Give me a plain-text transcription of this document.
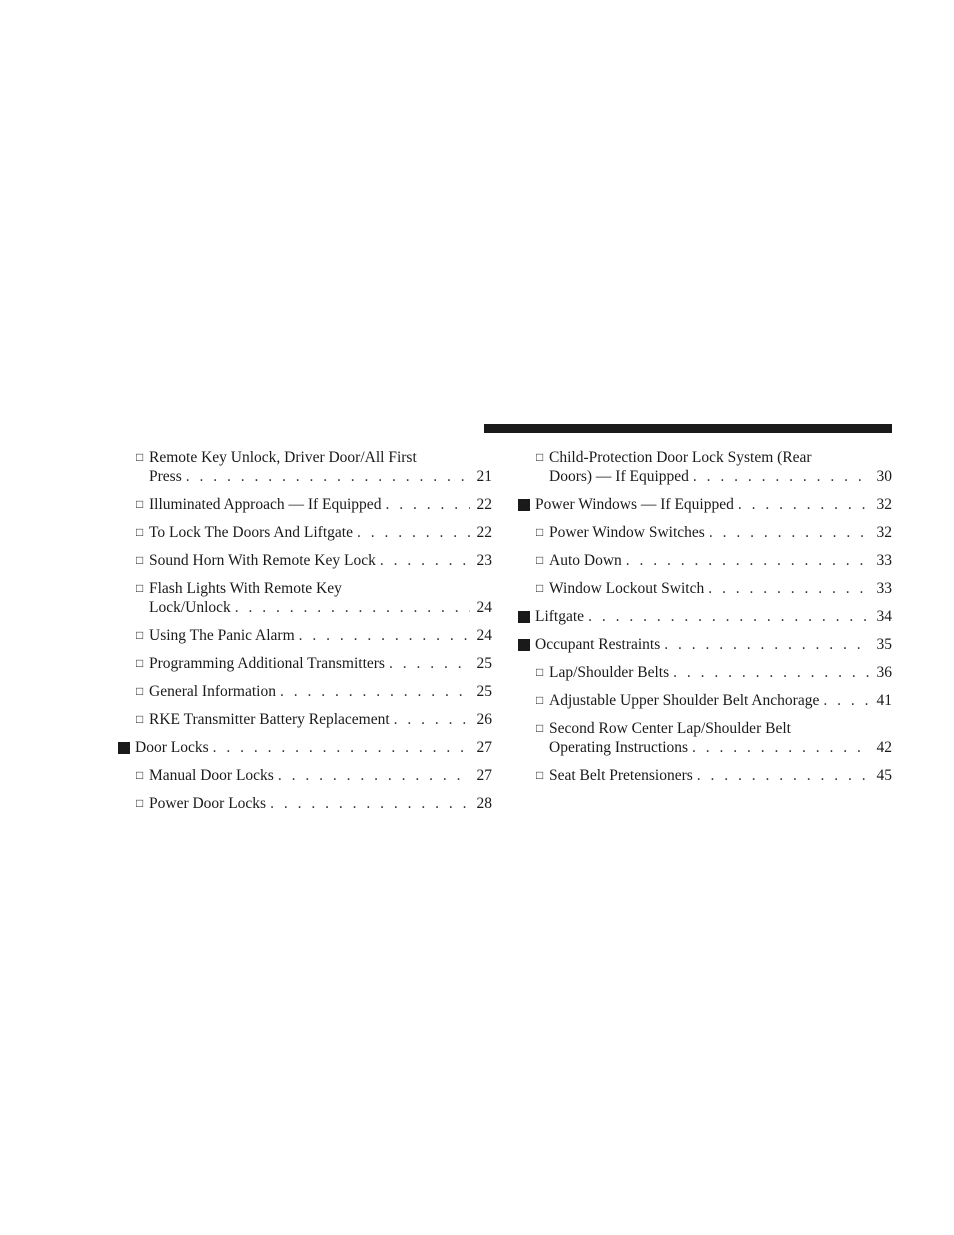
□ Remote Key Unlock, Driver Door/All First
Press . . .	21
□ Illuminated Approach — If Equipped . . .	22
□ To Lock The Doors And Liftgate . . .	22
□ Sound Horn With Remote Key Lock . . .	23
□ Flash Lights With Remote Key
Lock/Unlock . . .	24
□ Using The Panic Alarm . . .	24
□ Programming Additional Transmitters . . .	25
□ General Information . . .	25
□ RKE Transmitter Battery Replacement . . .	26
Door Locks . . .	27
□ Manual Door Locks . . .	27
□ Power Door Locks . . .	28
□ Child-Protection Door Lock System (Rear
Doors) — If Equipped . . .	30
Power Windows — If Equipped . . .	32
□ Power Window Switches . . .	32
□ Auto Down . . .	33
□ Window Lockout Switch . . .	33
Liftgate . . .	34
Occupant Restraints . . .	35
□ Lap/Shoulder Belts . . .	36
□ Adjustable Upper Shoulder Belt Anchorage . . .	41
□ Second Row Center Lap/Shoulder Belt
Operating Instructions . . .	42
□ Seat Belt Pretensioners . . .	45
